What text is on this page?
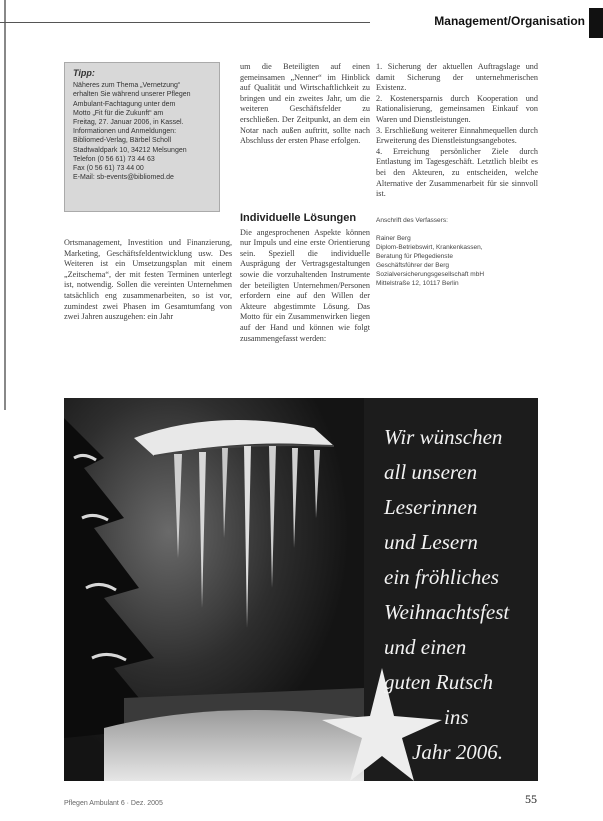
Management/Organisation
Tipp:
Näheres zum Thema „Vernetzung“
erhalten Sie während unserer Pflegen
Ambulant-Fachtagung unter dem
Motto „Fit für die Zukunft“ am
Freitag, 27. Januar 2006, in Kassel.
Informationen und Anmeldungen:
Bibliomed-Verlag, Bärbel Scholl
Stadtwaldpark 10, 34212 Melsungen
Telefon (0 56 61) 73 44 63
Fax (0 56 61) 73 44 00
E-Mail: sb-events@bibliomed.de

Ortsmanagement, Investition und Finanzierung, Marketing, Geschäftsfeldentwicklung usw. Des Weiteren ist ein Umsetzungsplan mit einem „Zeitschema“, der mit festen Terminen unterlegt ist, notwendig. Sollen die vereinten Unternehmen tatsächlich eng zusammenarbeiten, so ist vor, zumindest zwei Phasen im Gesamtumfang von zwei Jahren auszugehen: ein Jahr

um die Beteiligten auf einen gemeinsamen „Nenner“ im Hinblick auf Qualität und Wirtschaftlichkeit zu bringen und ein zweites Jahr, um die weiteren Geschäftsfelder zu erschließen. Der Zeitpunkt, an dem ein Notar nach außen auftritt, sollte nach Abschluss der ersten Phase erfolgen.

Individuelle Lösungen

Die angesprochenen Aspekte können nur Impuls und eine erste Orientierung sein. Speziell die individuelle Ausprägung der Vertragsgestaltungen sowie die vorzuhaltenden Instrumente der beteiligten Unternehmen/Personen erfordern eine auf den Willen der Akteure abgestimmte Lösung. Das Motto für ein Zusammenwirken liegen auf der Hand und können wie folgt zusammengefasst werden:

1. Sicherung der aktuellen Auftragslage und damit Sicherung der unternehmerischen Existenz.

2. Kostenersparnis durch Kooperation und Rationalisierung, gemeinsamen Einkauf von Waren und Dienstleistungen.

3. Erschließung weiterer Einnahmequellen durch Erweiterung des Dienstleistungsangebotes.

4. Erreichung persönlicher Ziele durch Entlastung im Tagesgeschäft. Letztlich bleibt es bei den Akteuren, zu entscheiden, welche Alternative der Zusammenarbeit für sie sinnvoll ist.

Anschrift des Verfassers:
Rainer Berg
Diplom-Betriebswirt, Krankenkassen,
Beratung für Pflegedienste
Geschäftsführer der Berg
Sozialversicherungsgesellschaft mbH
Mittelstraße 12, 10117 Berlin
Wir wünschen
all unseren
Leserinnen
und Lesern
ein fröhliches
Weihnachtsfest
und einen
guten Rutsch
ins
Jahr 2006.
Pflegen Ambulant 6 · Dez. 2005	55
